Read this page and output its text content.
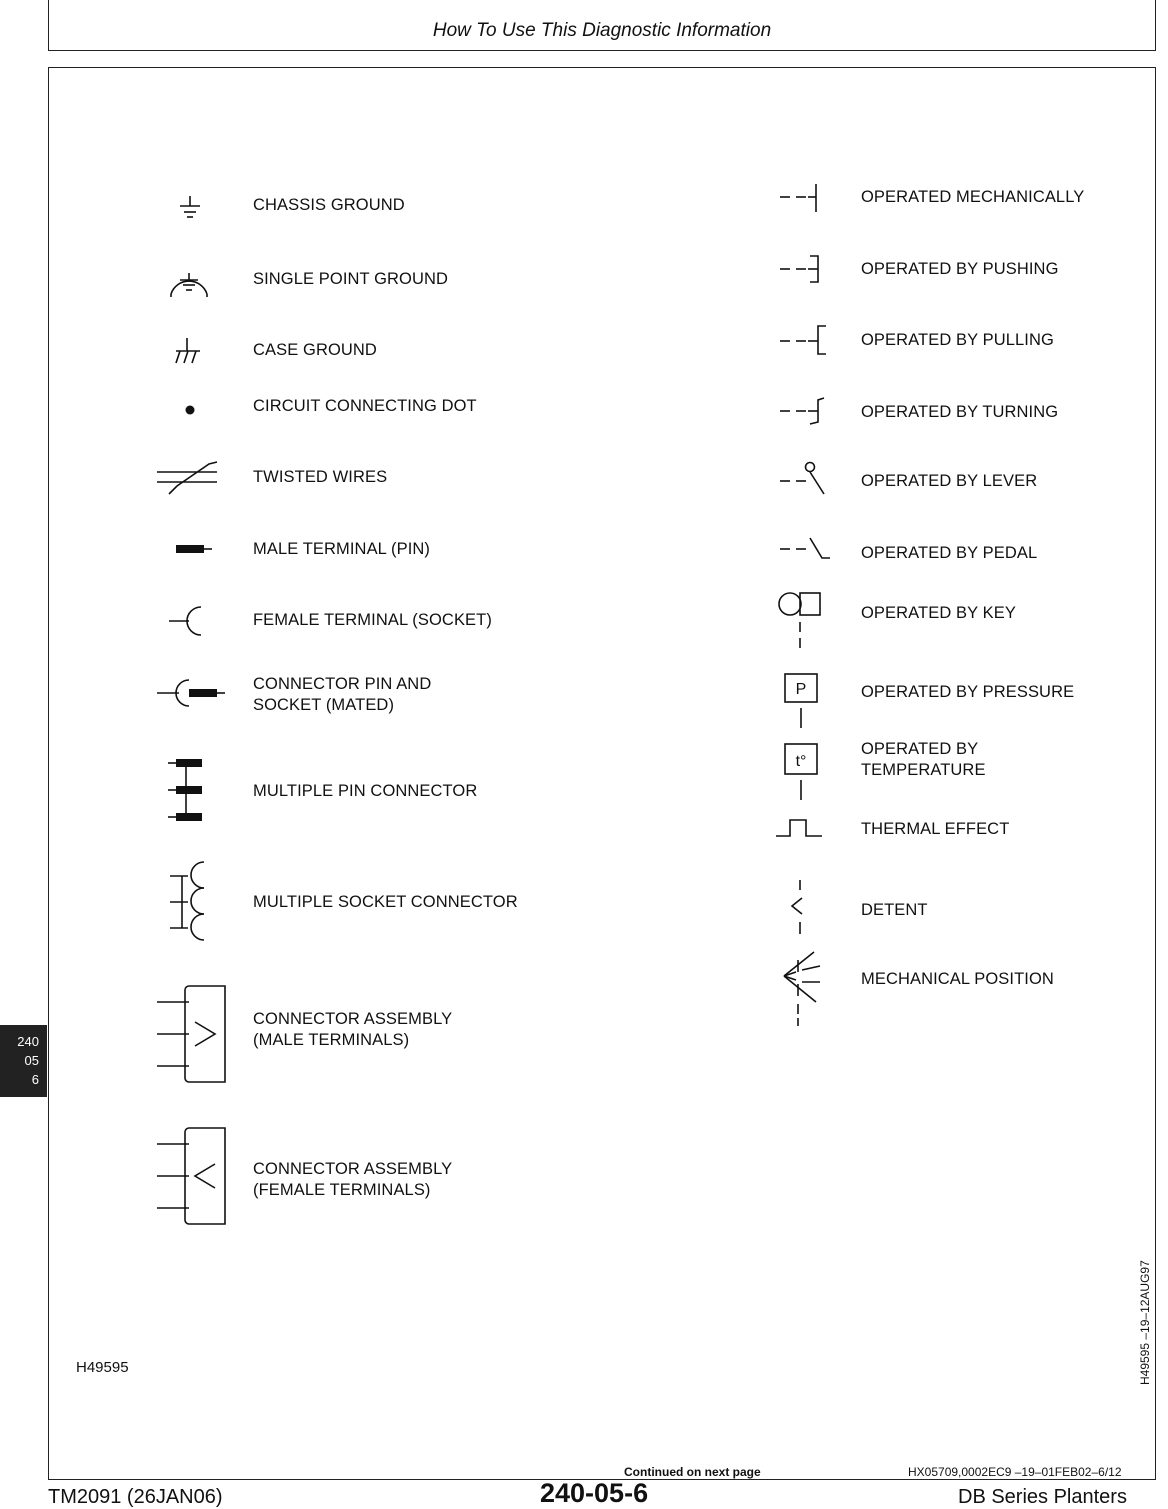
How To Use This Diagnostic Information
CHASSIS GROUND
SINGLE POINT GROUND
CASE GROUND
CIRCUIT CONNECTING DOT
TWISTED WIRES
MALE TERMINAL (PIN)
FEMALE TERMINAL (SOCKET)
CONNECTOR PIN AND
SOCKET (MATED)
MULTIPLE PIN CONNECTOR
MULTIPLE SOCKET CONNECTOR
CONNECTOR ASSEMBLY
(MALE TERMINALS)
CONNECTOR ASSEMBLY
(FEMALE TERMINALS)
P
t°
OPERATED MECHANICALLY
OPERATED BY PUSHING
OPERATED BY PULLING
OPERATED BY TURNING
OPERATED BY LEVER
OPERATED BY PEDAL
OPERATED BY KEY
OPERATED BY PRESSURE
OPERATED BY
TEMPERATURE
THERMAL EFFECT
DETENT
MECHANICAL POSITION
H49595	H49595 –19–12AUG97
240
05
6
Continued on next page	HX05709,0002EC9 –19–01FEB02–6/12
TM2091 (26JAN06)	240-05-6	DB Series Planters
